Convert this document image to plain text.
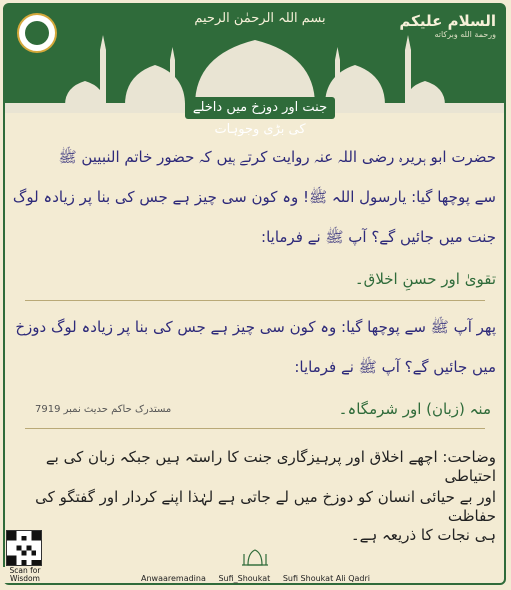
بسم اللہ الرحمٰن الرحیم	السلام علیکم
ورحمة الله وبركاته
جنت اور دوزخ میں داخلے کی بڑی وجوہات
حضرت ابو ہریرہ رضی اللہ عنہ روایت کرتے ہیں کہ حضور خاتم النبیین ﷺ
سے پوچھا گیا: یارسول اللہ ﷺ! وہ کون سی چیز ہے جس کی بنا پر زیادہ لوگ
جنت میں جائیں گے؟ آپ ﷺ نے فرمایا:
تقویٰ اور حسنِ اخلاق۔
پھر آپ ﷺ سے پوچھا گیا: وہ کون سی چیز ہے جس کی بنا پر زیادہ لوگ دوزخ
میں جائیں گے؟ آپ ﷺ نے فرمایا:
منہ (زبان) اور شرمگاہ۔
مستدرک حاکم حدیث نمبر 7919
وضاحت: اچھے اخلاق اور پرہیزگاری جنت کا راستہ ہیں جبکہ زبان کی بے احتیاطی
اور بے حیائی انسان کو دوزخ میں لے جاتی ہے لہٰذا اپنے کردار اور گفتگو کی حفاظت
ہی نجات کا ذریعہ ہے۔
Scan for Wisdom	Anwaaremadina Sufi_Shoukat Sufi Shoukat Ali Qadri
